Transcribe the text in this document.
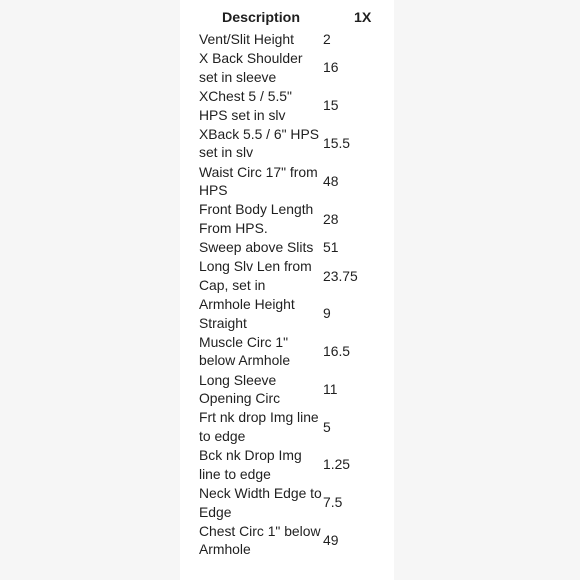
Description	1X
Vent/Slit Height	2
X Back Shoulder set in sleeve	16
XChest 5 / 5.5" HPS set in slv	15
XBack 5.5 / 6" HPS set in slv	15.5
Waist Circ 17" from HPS	48
Front Body Length From HPS.	28
Sweep above Slits	51
Long Slv Len from Cap, set in	23.75
Armhole Height Straight	9
Muscle Circ 1" below Armhole	16.5
Long Sleeve Opening Circ	11
Frt nk drop Img line to edge	5
Bck nk Drop Img line to edge	1.25
Neck Width Edge to Edge	7.5
Chest Circ 1" below Armhole	49
